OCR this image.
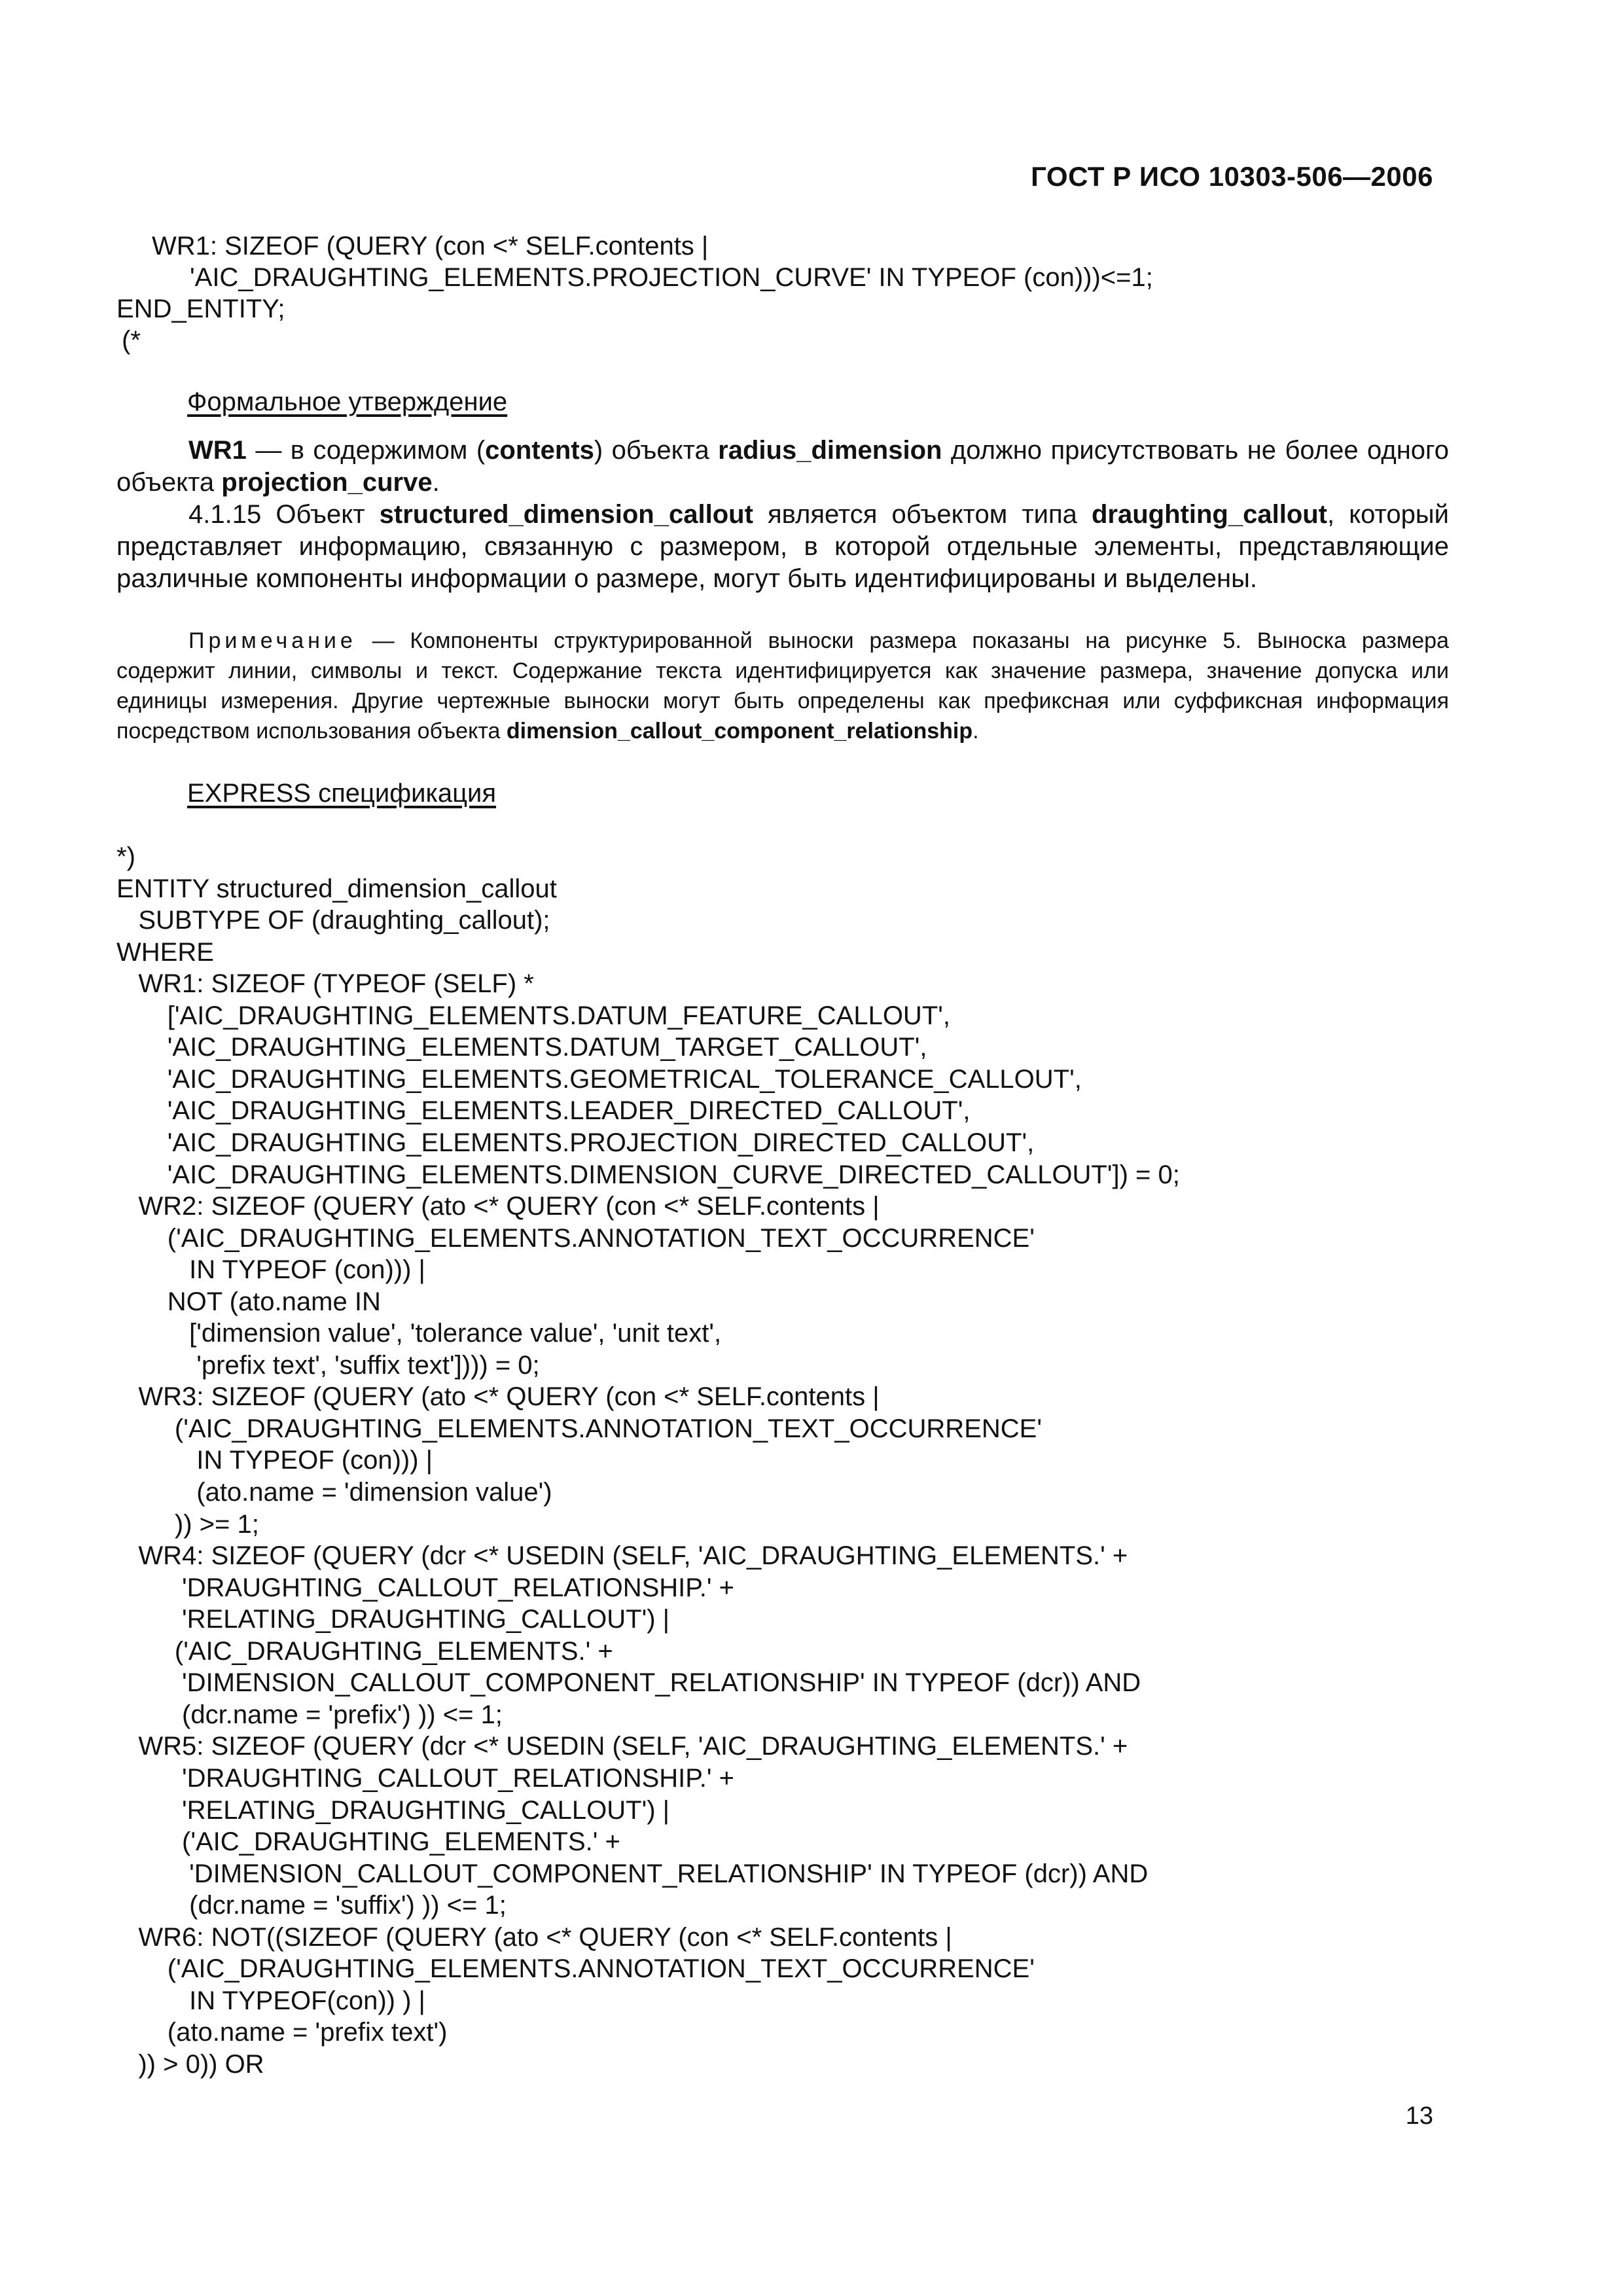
ГОСТ Р ИСО 10303-506—2006
WR1: SIZEOF (QUERY (con <* SELF.contents |
'AIC_DRAUGHTING_ELEMENTS.PROJECTION_CURVE' IN TYPEOF (con)))<=1;
END_ENTITY;
(*
Формальное утверждение

WR1 — в содержимом (contents) объекта radius_dimension должно присутствовать не более одного объекта projection_curve.

4.1.15 Объект structured_dimension_callout является объектом типа draughting_callout, который представляет информацию, связанную с размером, в которой отдельные элементы, представляющие различные компоненты информации о размере, могут быть идентифицированы и выделены.

Примечание — Компоненты структурированной выноски размера показаны на рисунке 5. Выноска размера содержит линии, символы и текст. Содержание текста идентифицируется как значение размера, значение допуска или единицы измерения. Другие чертежные выноски могут быть определены как префиксная или суффиксная информация посредством использования объекта dimension_callout_component_relationship.
EXPRESS спецификация
*)
ENTITY structured_dimension_callout
SUBTYPE OF (draughting_callout);
WHERE
WR1: SIZEOF (TYPEOF (SELF) *
['AIC_DRAUGHTING_ELEMENTS.DATUM_FEATURE_CALLOUT',
'AIC_DRAUGHTING_ELEMENTS.DATUM_TARGET_CALLOUT',
'AIC_DRAUGHTING_ELEMENTS.GEOMETRICAL_TOLERANCE_CALLOUT',
'AIC_DRAUGHTING_ELEMENTS.LEADER_DIRECTED_CALLOUT',
'AIC_DRAUGHTING_ELEMENTS.PROJECTION_DIRECTED_CALLOUT',
'AIC_DRAUGHTING_ELEMENTS.DIMENSION_CURVE_DIRECTED_CALLOUT']) = 0;
WR2: SIZEOF (QUERY (ato <* QUERY (con <* SELF.contents |
('AIC_DRAUGHTING_ELEMENTS.ANNOTATION_TEXT_OCCURRENCE'
IN TYPEOF (con))) |
NOT (ato.name IN
['dimension value', 'tolerance value', 'unit text',
'prefix text', 'suffix text']))) = 0;
WR3: SIZEOF (QUERY (ato <* QUERY (con <* SELF.contents |
('AIC_DRAUGHTING_ELEMENTS.ANNOTATION_TEXT_OCCURRENCE'
IN TYPEOF (con))) |
(ato.name = 'dimension value')
)) >= 1;
WR4: SIZEOF (QUERY (dcr <* USEDIN (SELF, 'AIC_DRAUGHTING_ELEMENTS.' +
'DRAUGHTING_CALLOUT_RELATIONSHIP.' +
'RELATING_DRAUGHTING_CALLOUT') |
('AIC_DRAUGHTING_ELEMENTS.' +
'DIMENSION_CALLOUT_COMPONENT_RELATIONSHIP' IN TYPEOF (dcr)) AND
(dcr.name = 'prefix') )) <= 1;
WR5: SIZEOF (QUERY (dcr <* USEDIN (SELF, 'AIC_DRAUGHTING_ELEMENTS.' +
'DRAUGHTING_CALLOUT_RELATIONSHIP.' +
'RELATING_DRAUGHTING_CALLOUT') |
('AIC_DRAUGHTING_ELEMENTS.' +
'DIMENSION_CALLOUT_COMPONENT_RELATIONSHIP' IN TYPEOF (dcr)) AND
(dcr.name = 'suffix') )) <= 1;
WR6: NOT((SIZEOF (QUERY (ato <* QUERY (con <* SELF.contents |
('AIC_DRAUGHTING_ELEMENTS.ANNOTATION_TEXT_OCCURRENCE'
IN TYPEOF(con)) ) |
(ato.name = 'prefix text')
)) > 0)) OR
13
